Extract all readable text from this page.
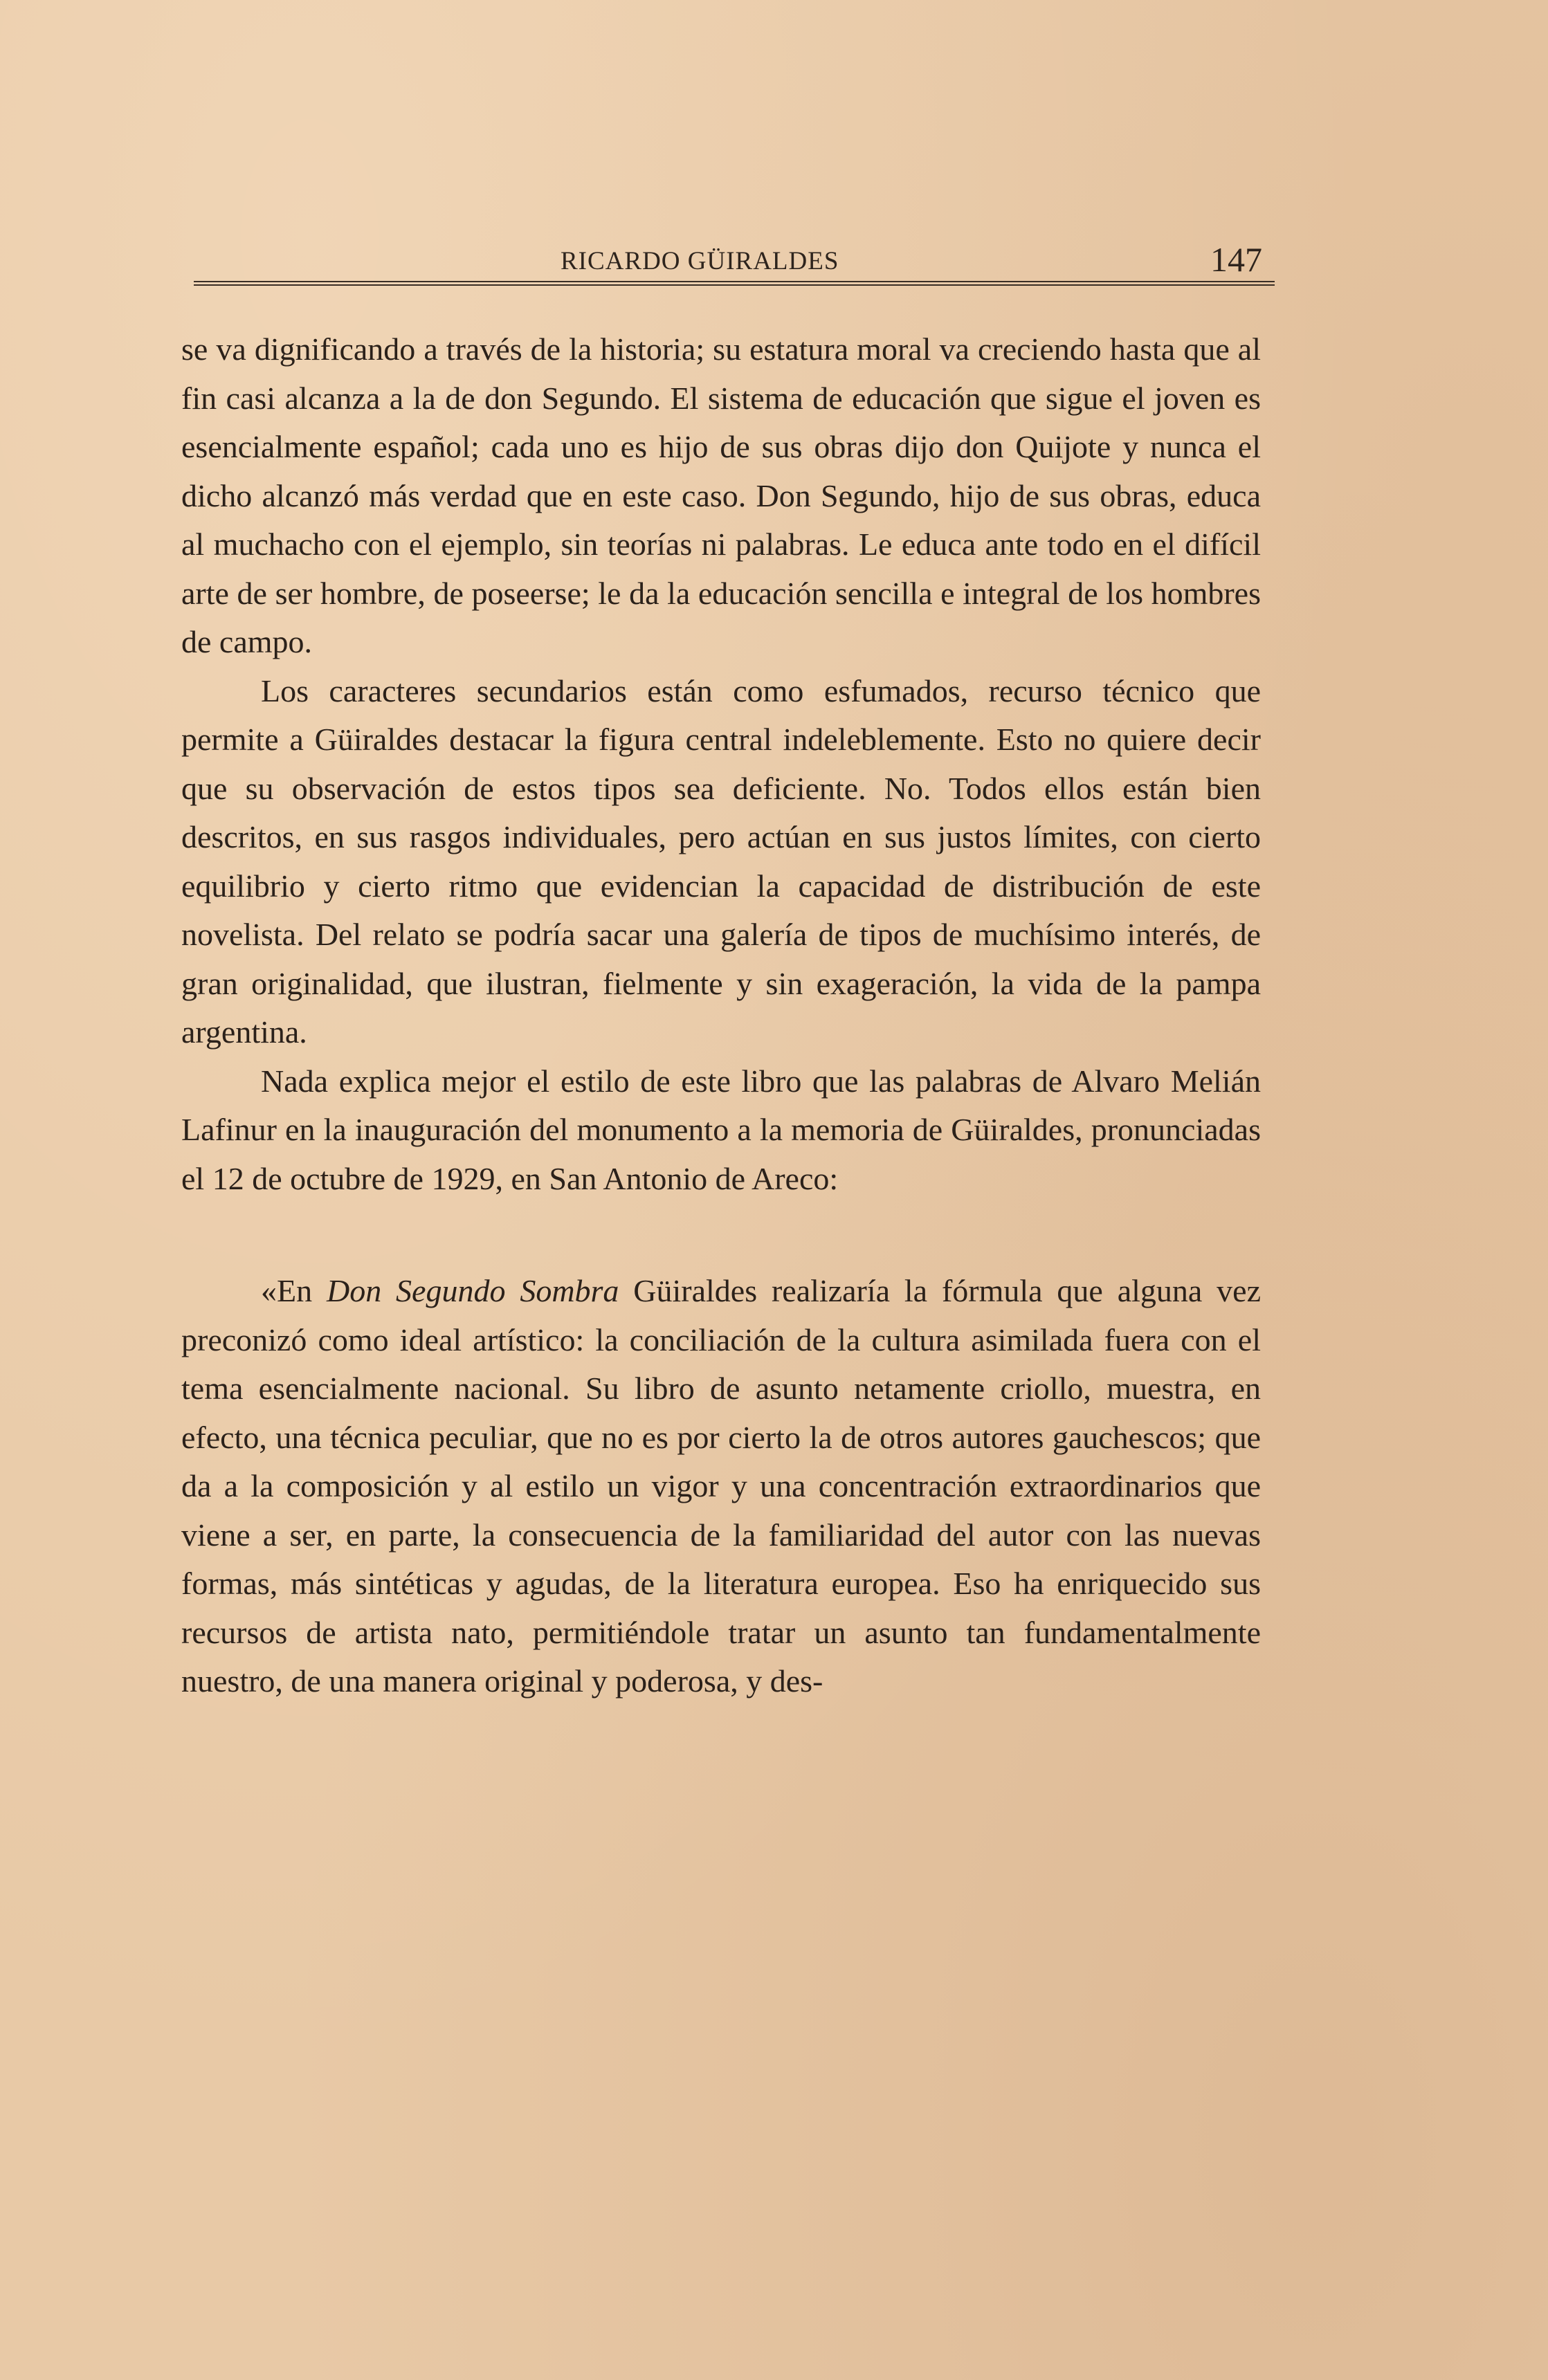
RICARDO GÜIRALDES	147

se va dignificando a través de la historia; su estatura moral va creciendo hasta que al fin casi alcanza a la de don Segundo. El sistema de educación que sigue el joven es esencialmente español; cada uno es hijo de sus obras dijo don Quijote y nunca el dicho alcanzó más verdad que en este caso. Don Segundo, hijo de sus obras, educa al muchacho con el ejemplo, sin teorías ni palabras. Le educa ante todo en el difícil arte de ser hombre, de poseerse; le da la educación sencilla e integral de los hombres de campo.

Los caracteres secundarios están como esfumados, recurso técnico que permite a Güiraldes destacar la figura central indeleblemente. Esto no quiere decir que su observación de estos tipos sea deficiente. No. Todos ellos están bien descritos, en sus rasgos individuales, pero actúan en sus justos límites, con cierto equilibrio y cierto ritmo que evidencian la capacidad de distribución de este novelista. Del relato se podría sacar una galería de tipos de muchísimo interés, de gran originalidad, que ilustran, fielmente y sin exageración, la vida de la pampa argentina.

Nada explica mejor el estilo de este libro que las palabras de Alvaro Melián Lafinur en la inauguración del monumento a la memoria de Güiraldes, pronunciadas el 12 de octubre de 1929, en San Antonio de Areco:

«En Don Segundo Sombra Güiraldes realizaría la fórmula que alguna vez preconizó como ideal artístico: la conciliación de la cultura asimilada fuera con el tema esencialmente nacional. Su libro de asunto netamente criollo, muestra, en efecto, una técnica peculiar, que no es por cierto la de otros autores gauchescos; que da a la composición y al estilo un vigor y una concentración extraordinarios que viene a ser, en parte, la consecuencia de la familiaridad del autor con las nuevas formas, más sintéticas y agudas, de la literatura europea. Eso ha enriquecido sus recursos de artista nato, permitiéndole tratar un asunto tan fundamentalmente nuestro, de una manera original y poderosa, y des-
